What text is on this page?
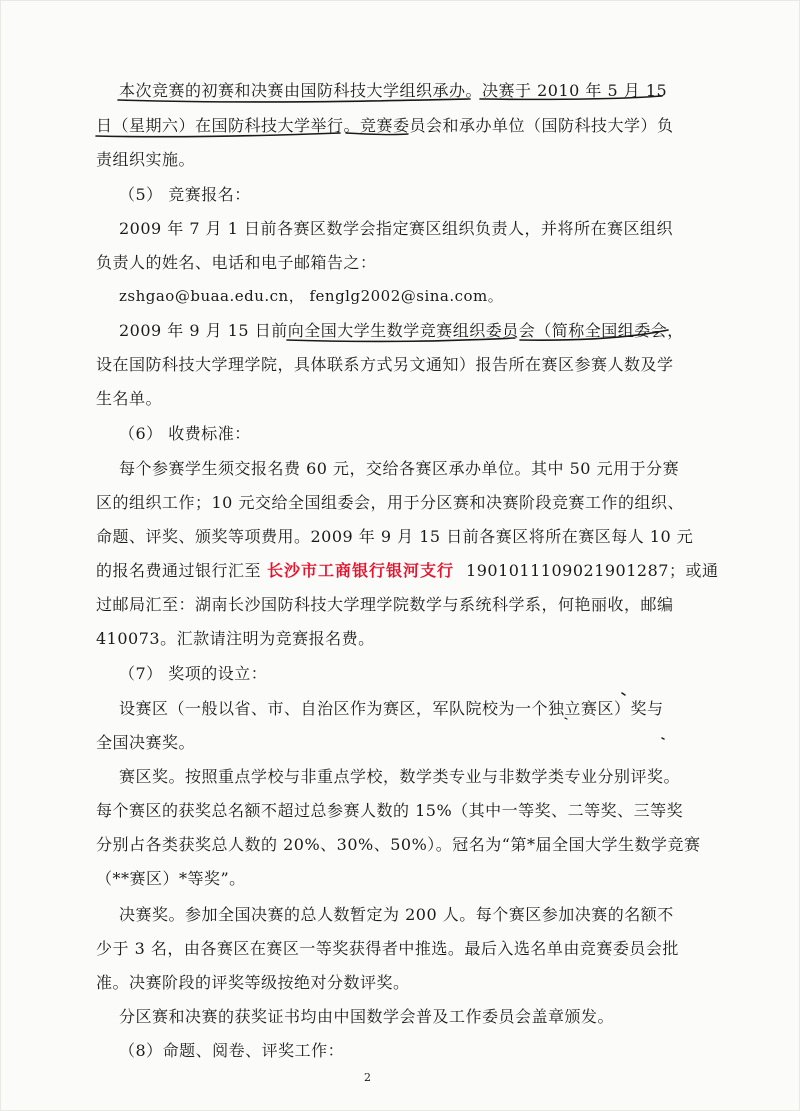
本次竞赛的初赛和决赛由国防科技大学组织承办。决赛于 2010 年 5 月 15
日（星期六）在国防科技大学举行。竞赛委员会和承办单位（国防科技大学）负
责组织实施。
（5） 竞赛报名：
2009 年 7 月 1 日前各赛区数学会指定赛区组织负责人，并将所在赛区组织
负责人的姓名、电话和电子邮箱告之：
zshgao@buaa.edu.cn， fenglg2002@sina.com。
2009 年 9 月 15 日前向全国大学生数学竞赛组织委员会（简称全国组委会，
设在国防科技大学理学院，具体联系方式另文通知）报告所在赛区参赛人数及学
生名单。
（6） 收费标准：
每个参赛学生须交报名费 60 元，交给各赛区承办单位。其中 50 元用于分赛
区的组织工作；10 元交给全国组委会，用于分区赛和决赛阶段竞赛工作的组织、
命题、评奖、颁奖等项费用。2009 年 9 月 15 日前各赛区将所在赛区每人 10 元
的报名费通过银行汇至 长沙市工商银行银河支行 1901011109021901287；或通
过邮局汇至：湖南长沙国防科技大学理学院数学与系统科学系，何艳丽收，邮编
410073。汇款请注明为竞赛报名费。
（7） 奖项的设立：
设赛区（一般以省、市、自治区作为赛区，军队院校为一个独立赛区）奖与
全国决赛奖。
赛区奖。按照重点学校与非重点学校，数学类专业与非数学类专业分别评奖。
每个赛区的获奖总名额不超过总参赛人数的 15%（其中一等奖、二等奖、三等奖
分别占各类获奖总人数的 20%、30%、50%）。冠名为“第*届全国大学生数学竞赛
（**赛区）*等奖”。
决赛奖。参加全国决赛的总人数暂定为 200 人。每个赛区参加决赛的名额不
少于 3 名，由各赛区在赛区一等奖获得者中推选。最后入选名单由竞赛委员会批
准。决赛阶段的评奖等级按绝对分数评奖。
分区赛和决赛的获奖证书均由中国数学会普及工作委员会盖章颁发。
（8）命题、阅卷、评奖工作：
2
